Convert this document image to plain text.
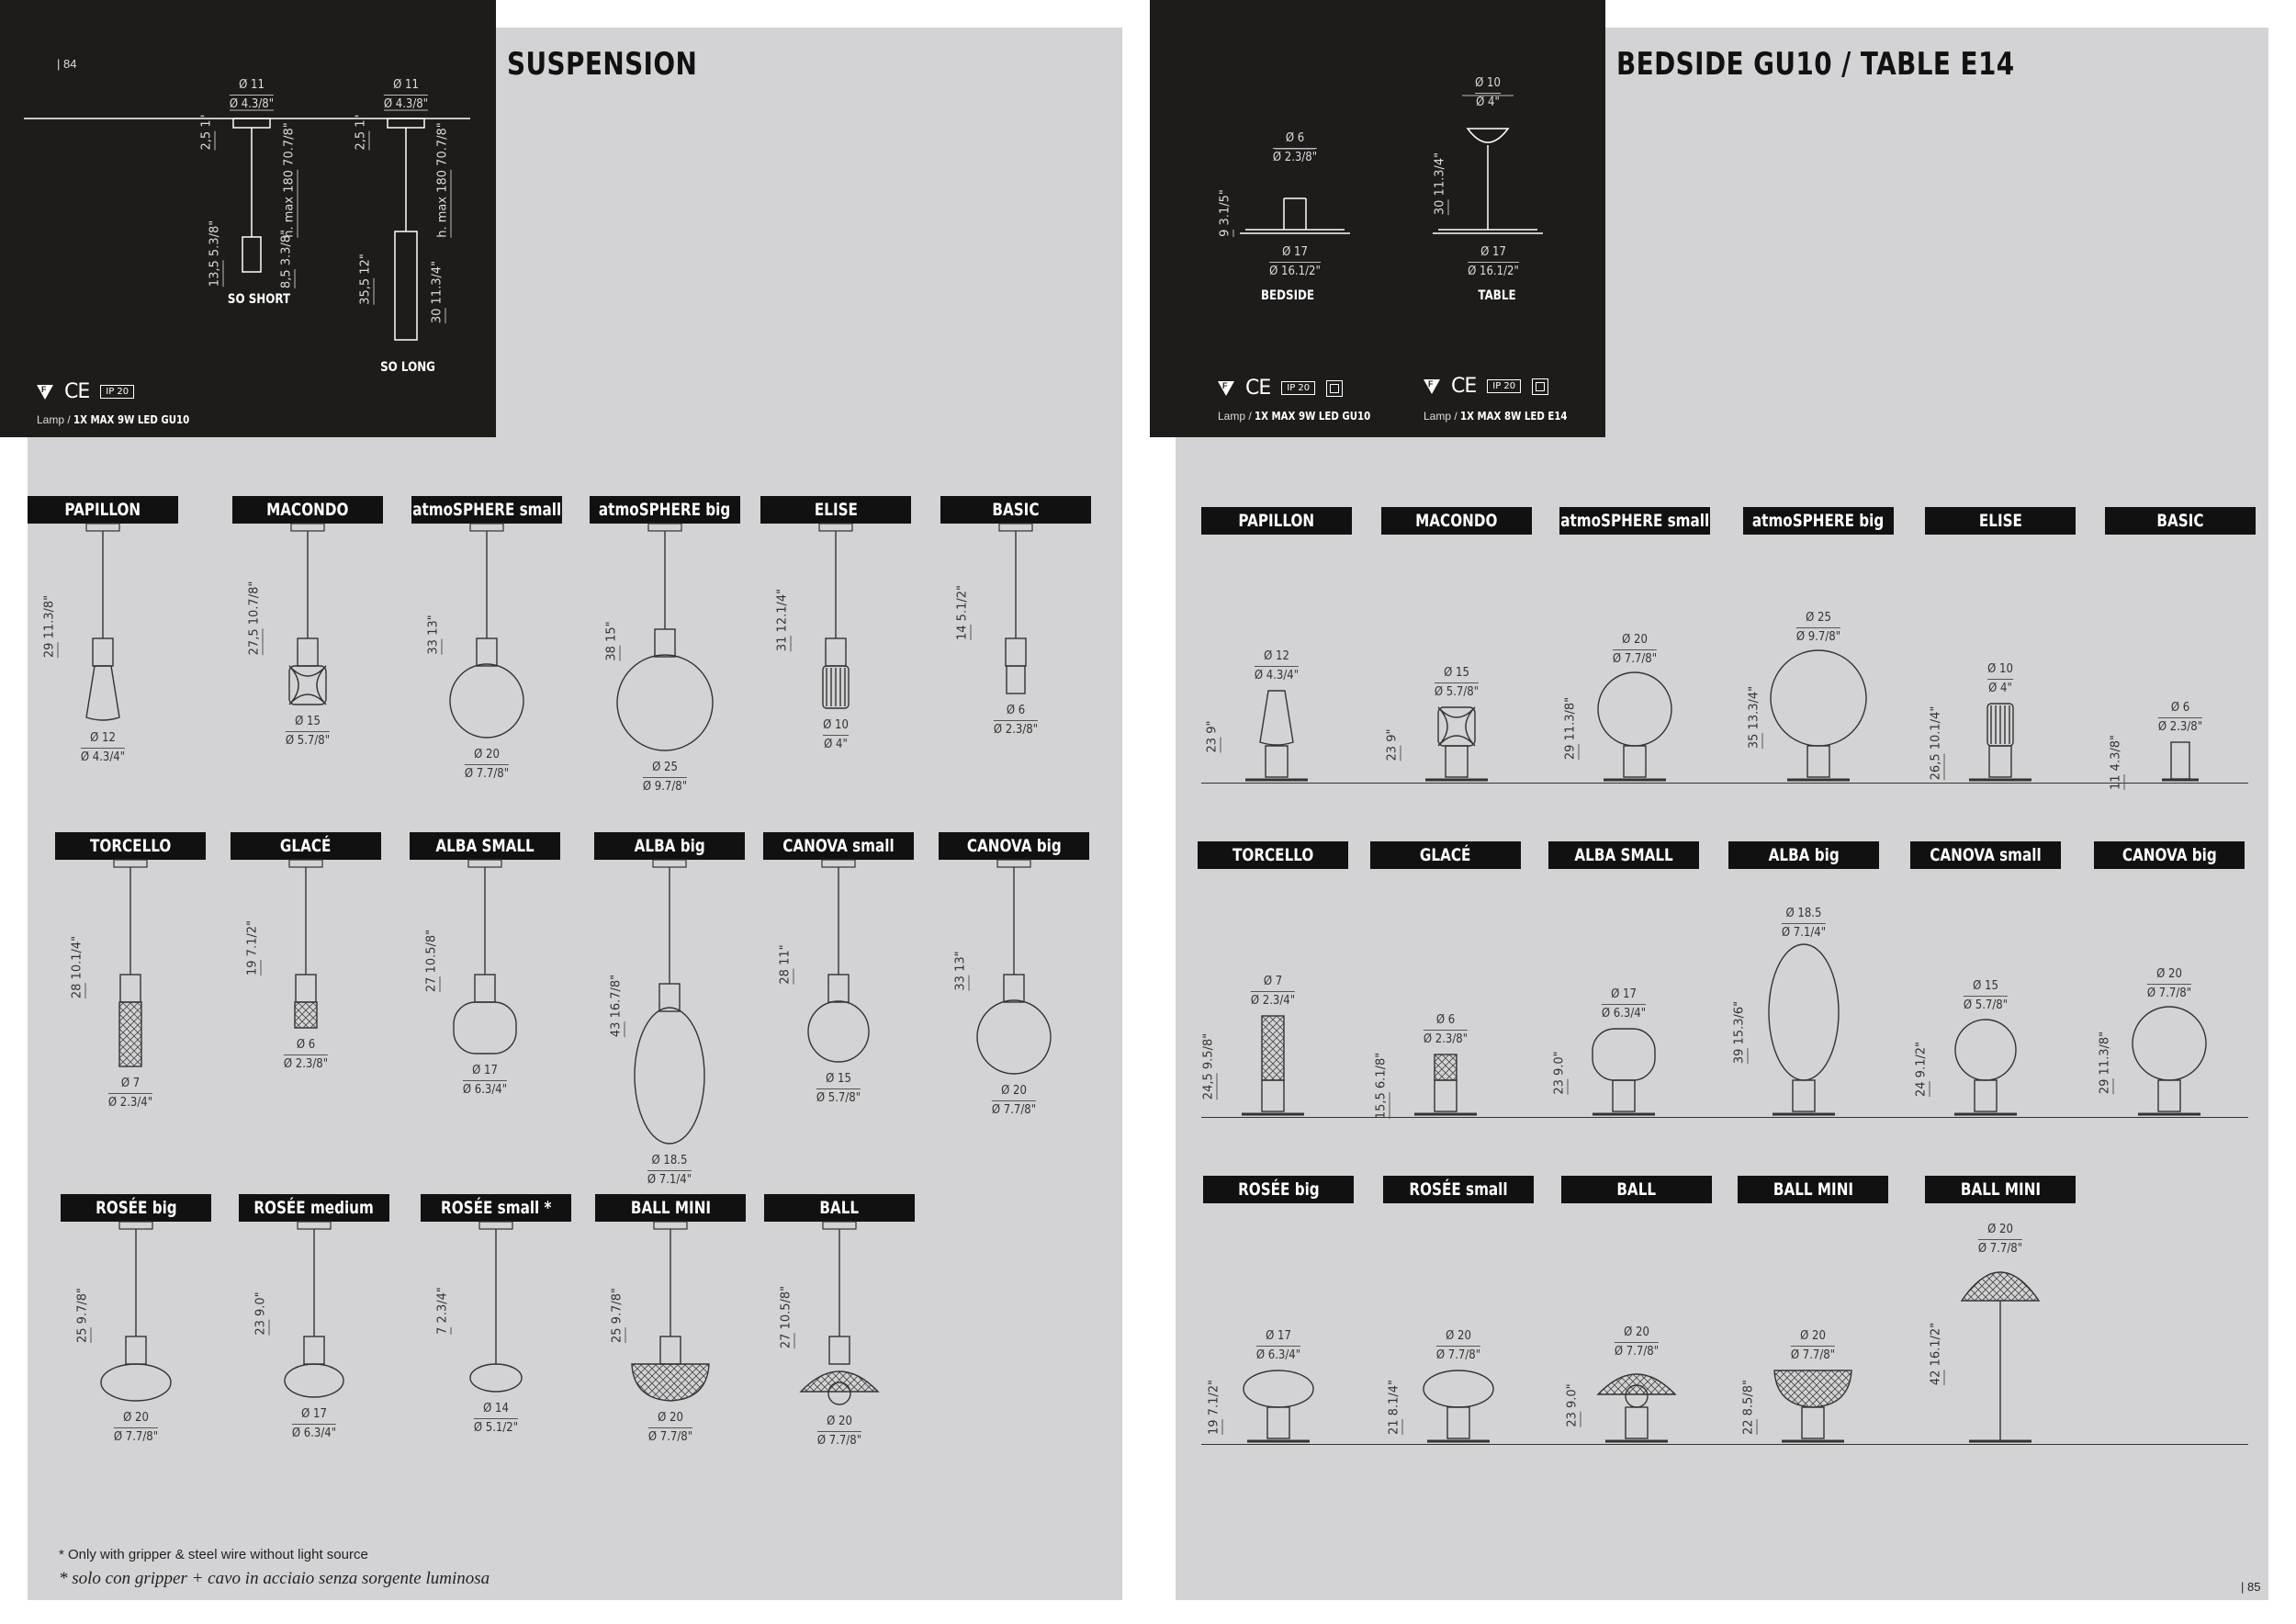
| 84	SUSPENSION	BEDSIDE GU10 / TABLE E14
| 85
Ø 11
Ø 4.3/8"
Ø 11
Ø 4.3/8"
2,5 1"
2,5 1"
h. max 180 70.7/8"
h. max 180 70.7/8"
13,5 5.3/8"
8,5 3.3/8"
35,5 12"
30 11.3/4"
SO SHORT
SO LONG
F
CE	IP 20
Lamp / 1X MAX 9W LED GU10
Ø 6
Ø 2.3/8"
Ø 10
Ø 4"
9 3.1/5"	30 11.3/4"
Ø 17
Ø 16.1/2"
Ø 17
Ø 16.1/2"
BEDSIDE	TABLE
F
CE	IP 20
F	CE	IP 20
Lamp / 1X MAX 9W LED GU10	Lamp / 1X MAX 8W LED E14
* Only with gripper & steel wire without light source
* solo con gripper + cavo in acciaio senza sorgente luminosa
PAPILLON
29 11.3/8"
Ø 12
Ø 4.3/4"
MACONDO
27,5 10.7/8"
Ø 15
Ø 5.7/8"
atmoSPHERE small
33 13"
Ø 20
Ø 7.7/8"
atmoSPHERE big
38 15"
Ø 25
Ø 9.7/8"
ELISE
31 12.1/4"
Ø 10
Ø 4"
BASIC
14 5.1/2"
Ø 6
Ø 2.3/8"
TORCELLO
28 10.1/4"
Ø 7
Ø 2.3/4"
GLACÉ
19 7.1/2"
Ø 6
Ø 2.3/8"
ALBA SMALL
27 10.5/8"
Ø 17
Ø 6.3/4"
ALBA big
43 16.7/8"
Ø 18.5
Ø 7.1/4"
CANOVA small
28 11"
Ø 15
Ø 5.7/8"
CANOVA big
33 13"
Ø 20
Ø 7.7/8"
ROSÉE big
25 9.7/8"
Ø 20
Ø 7.7/8"
ROSÉE medium
23 9.0"
Ø 17
Ø 6.3/4"
ROSÉE small *
7 2.3/4"
Ø 14
Ø 5.1/2"
BALL MINI
25 9.7/8"
Ø 20
Ø 7.7/8"
BALL
27 10.5/8"
Ø 20
Ø 7.7/8"
PAPILLON
23 9"
Ø 12
Ø 4.3/4"
MACONDO
23 9"
Ø 15
Ø 5.7/8"
atmoSPHERE small
29 11.3/8"
Ø 20
Ø 7.7/8"
atmoSPHERE big
35 13.3/4"
Ø 25
Ø 9.7/8"
ELISE
26,5 10.1/4"
Ø 10
Ø 4"
BASIC
11 4.3/8"
Ø 6
Ø 2.3/8"
TORCELLO
24,5 9.5/8"
Ø 7
Ø 2.3/4"
GLACÉ
15,5 6.1/8"
Ø 6
Ø 2.3/8"
ALBA SMALL
23 9.0"
Ø 17
Ø 6.3/4"
ALBA big
39 15.3/6"
Ø 18.5
Ø 7.1/4"
CANOVA small
24 9.1/2"
Ø 15
Ø 5.7/8"
CANOVA big
29 11.3/8"
Ø 20
Ø 7.7/8"
ROSÉE big
19 7.1/2"
Ø 17
Ø 6.3/4"
ROSÉE small
21 8.1/4"
Ø 20
Ø 7.7/8"
BALL
23 9.0"
Ø 20
Ø 7.7/8"
BALL MINI
22 8.5/8"
Ø 20
Ø 7.7/8"
BALL MINI
42 16.1/2"
Ø 20
Ø 7.7/8"
